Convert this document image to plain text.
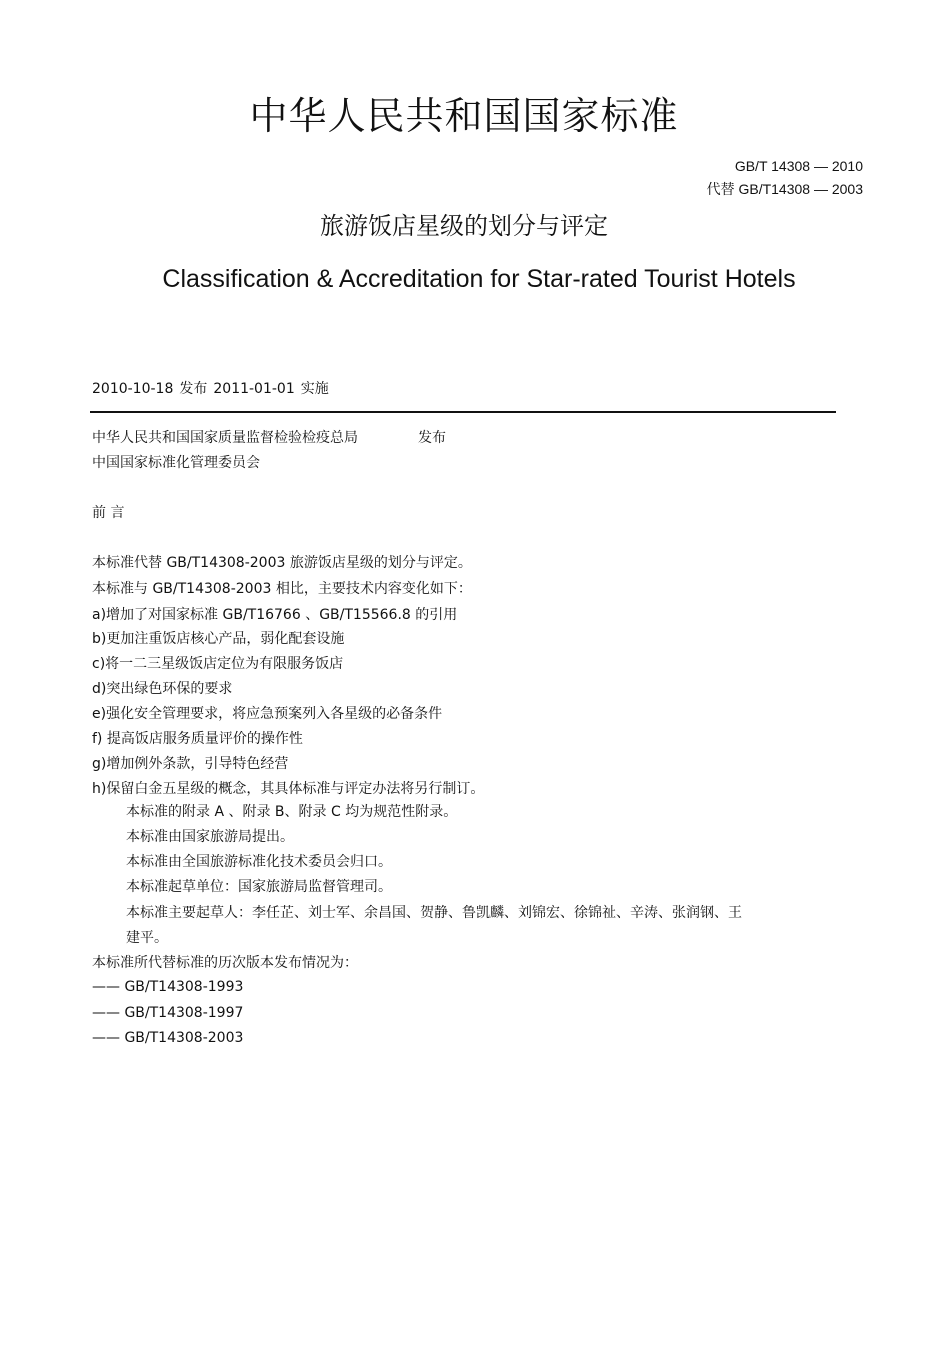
中华人民共和国国家标准
GB/T 14308 — 2010
代替 GB/T14308 — 2003
旅游饭店星级的划分与评定
Classification & Accreditation for Star-rated Tourist Hotels
2010-10-18 发布 2011-01-01 实施
中华人民共和国国家质量监督检验检疫总局	发布
中国国家标准化管理委员会
前 言
本标准代替 GB/T14308-2003 旅游饭店星级的划分与评定。
本标准与 GB/T14308-2003 相比，主要技术内容变化如下：
a)增加了对国家标准 GB/T16766 、GB/T15566.8 的引用
b)更加注重饭店核心产品，弱化配套设施
c)将一二三星级饭店定位为有限服务饭店
d)突出绿色环保的要求
e)强化安全管理要求，将应急预案列入各星级的必备条件
f) 提高饭店服务质量评价的操作性
g)增加例外条款，引导特色经营
h)保留白金五星级的概念，其具体标准与评定办法将另行制订。
本标准的附录 A 、附录 B、附录 C 均为规范性附录。
本标准由国家旅游局提出。
本标准由全国旅游标准化技术委员会归口。
本标准起草单位：国家旅游局监督管理司。
本标准主要起草人：李任芷、刘士军、余昌国、贺静、鲁凯麟、刘锦宏、徐锦祉、辛涛、张润钢、王
建平。
本标准所代替标准的历次版本发布情况为：
—— GB/T14308-1993
—— GB/T14308-1997
—— GB/T14308-2003
